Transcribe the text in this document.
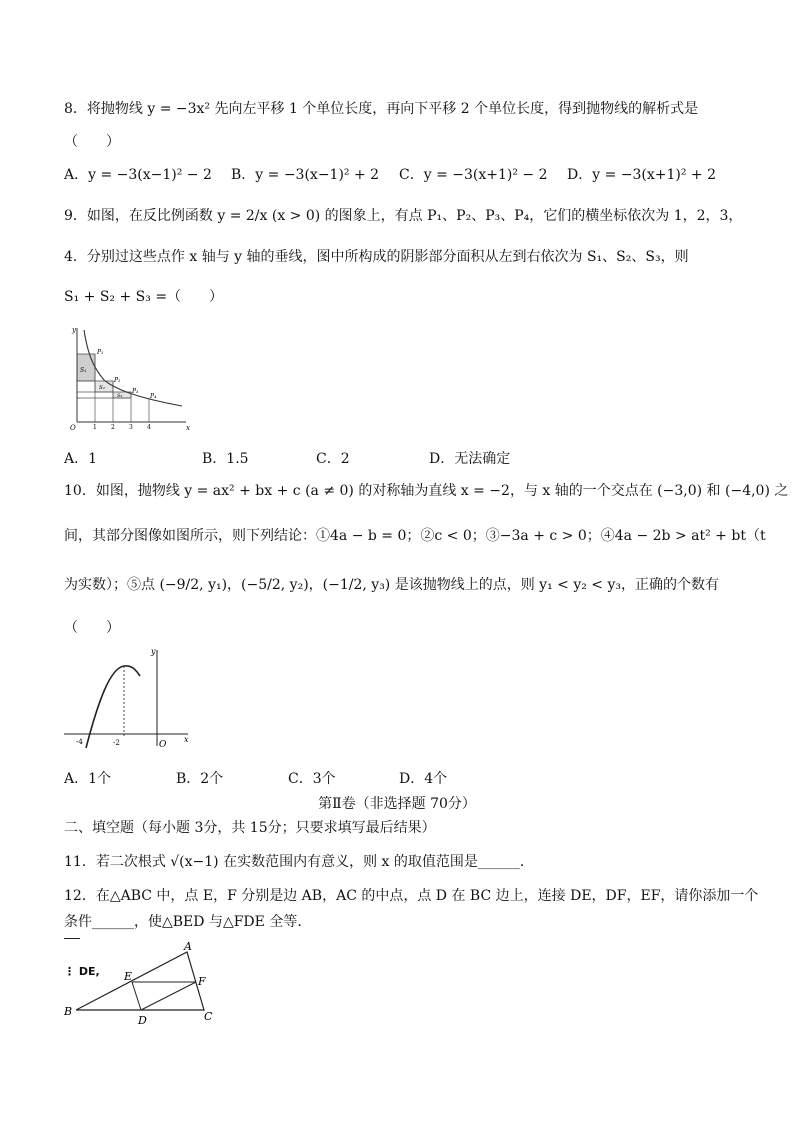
8．将抛物线 y = −3x² 先向左平移 1 个单位长度，再向下平移 2 个单位长度，得到抛物线的解析式是
（　　）
A．y = −3(x−1)² − 2 B．y = −3(x−1)² + 2 C．y = −3(x+1)² − 2 D．y = −3(x+1)² + 2
9．如图，在反比例函数 y = 2/x (x > 0) 的图象上，有点 P₁、P₂、P₃、P₄，它们的横坐标依次为 1，2，3，
4．分别过这些点作 x 轴与 y 轴的垂线，图中所构成的阴影部分面积从左到右依次为 S₁、S₂、S₃，则
S₁ + S₂ + S₃ =（　　）
y
x
O	1 2 3 4
S₁
S₂
S₃
P₁
P₂
P₃
P₄
A．1	B．1.5	C．2	D．无法确定
10．如图，抛物线 y = ax² + bx + c (a ≠ 0) 的对称轴为直线 x = −2，与 x 轴的一个交点在 (−3,0) 和 (−4,0) 之
间，其部分图像如图所示，则下列结论：①4a − b = 0；②c < 0；③−3a + c > 0；④4a − 2b > at² + bt（t
为实数）；⑤点 (−9/2, y₁)，(−5/2, y₂)，(−1/2, y₃) 是该抛物线上的点，则 y₁ < y₂ < y₃，正确的个数有
（　　）
y
x
O
-4	-2
A．1个	B．2个	C．3个	D．4个
第Ⅱ卷（非选择题 70分）
二、填空题（每小题 3分，共 15分；只要求填写最后结果）
11．若二次根式 √(x−1) 在实数范围内有意义，则 x 的取值范围是______．
12．在△ABC 中，点 E，F 分别是边 AB，AC 的中点，点 D 在 BC 边上，连接 DE，DF，EF，请你添加一个
条件______，使△BED 与△FDE 全等．
⋮ DE,
A
B	C
D
E	F
